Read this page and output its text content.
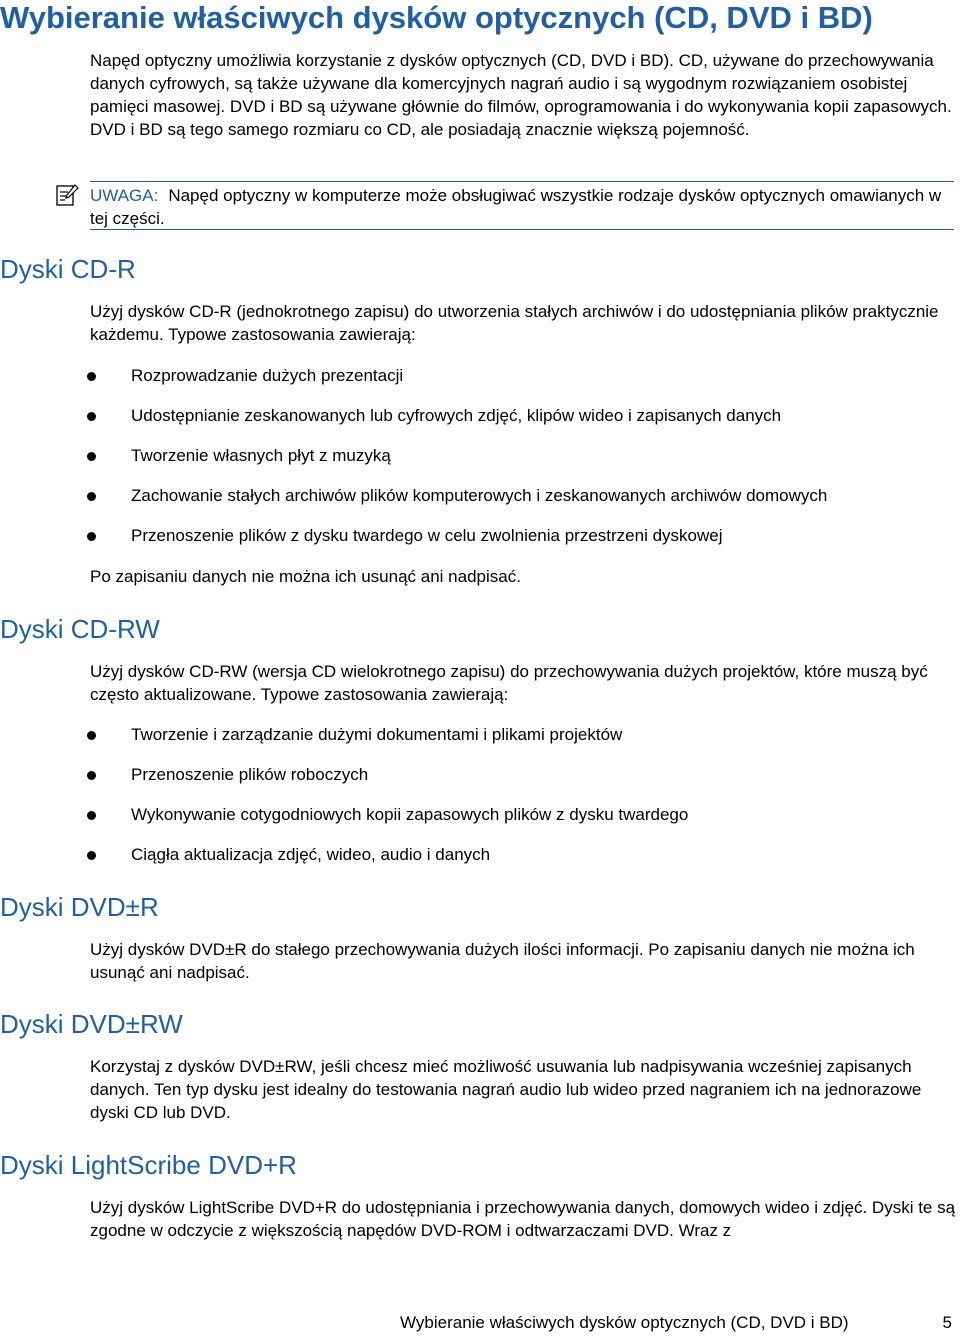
Wybieranie właściwych dysków optycznych (CD, DVD i BD)

Napęd optyczny umożliwia korzystanie z dysków optycznych (CD, DVD i BD). CD, używane do przechowywania danych cyfrowych, są także używane dla komercyjnych nagrań audio i są wygodnym rozwiązaniem osobistej pamięci masowej. DVD i BD są używane głównie do filmów, oprogramowania i do wykonywania kopii zapasowych. DVD i BD są tego samego rozmiaru co CD, ale posiadają znacznie większą pojemność.

UWAGA: Napęd optyczny w komputerze może obsługiwać wszystkie rodzaje dysków optycznych omawianych w tej części.
Dyski CD-R

Użyj dysków CD-R (jednokrotnego zapisu) do utworzenia stałych archiwów i do udostępniania plików praktycznie każdemu. Typowe zastosowania zawierają:

Rozprowadzanie dużych prezentacji
Udostępnianie zeskanowanych lub cyfrowych zdjęć, klipów wideo i zapisanych danych
Tworzenie własnych płyt z muzyką
Zachowanie stałych archiwów plików komputerowych i zeskanowanych archiwów domowych
Przenoszenie plików z dysku twardego w celu zwolnienia przestrzeni dyskowej

Po zapisaniu danych nie można ich usunąć ani nadpisać.

Dyski CD-RW

Użyj dysków CD-RW (wersja CD wielokrotnego zapisu) do przechowywania dużych projektów, które muszą być często aktualizowane. Typowe zastosowania zawierają:

Tworzenie i zarządzanie dużymi dokumentami i plikami projektów
Przenoszenie plików roboczych
Wykonywanie cotygodniowych kopii zapasowych plików z dysku twardego
Ciągła aktualizacja zdjęć, wideo, audio i danych
Dyski DVD±R

Użyj dysków DVD±R do stałego przechowywania dużych ilości informacji. Po zapisaniu danych nie można ich usunąć ani nadpisać.

Dyski DVD±RW

Korzystaj z dysków DVD±RW, jeśli chcesz mieć możliwość usuwania lub nadpisywania wcześniej zapisanych danych. Ten typ dysku jest idealny do testowania nagrań audio lub wideo przed nagraniem ich na jednorazowe dyski CD lub DVD.

Dyski LightScribe DVD+R

Użyj dysków LightScribe DVD+R do udostępniania i przechowywania danych, domowych wideo i zdjęć. Dyski te są zgodne w odczycie z większością napędów DVD-ROM i odtwarzaczami DVD. Wraz z

Wybieranie właściwych dysków optycznych (CD, DVD i BD)	5
